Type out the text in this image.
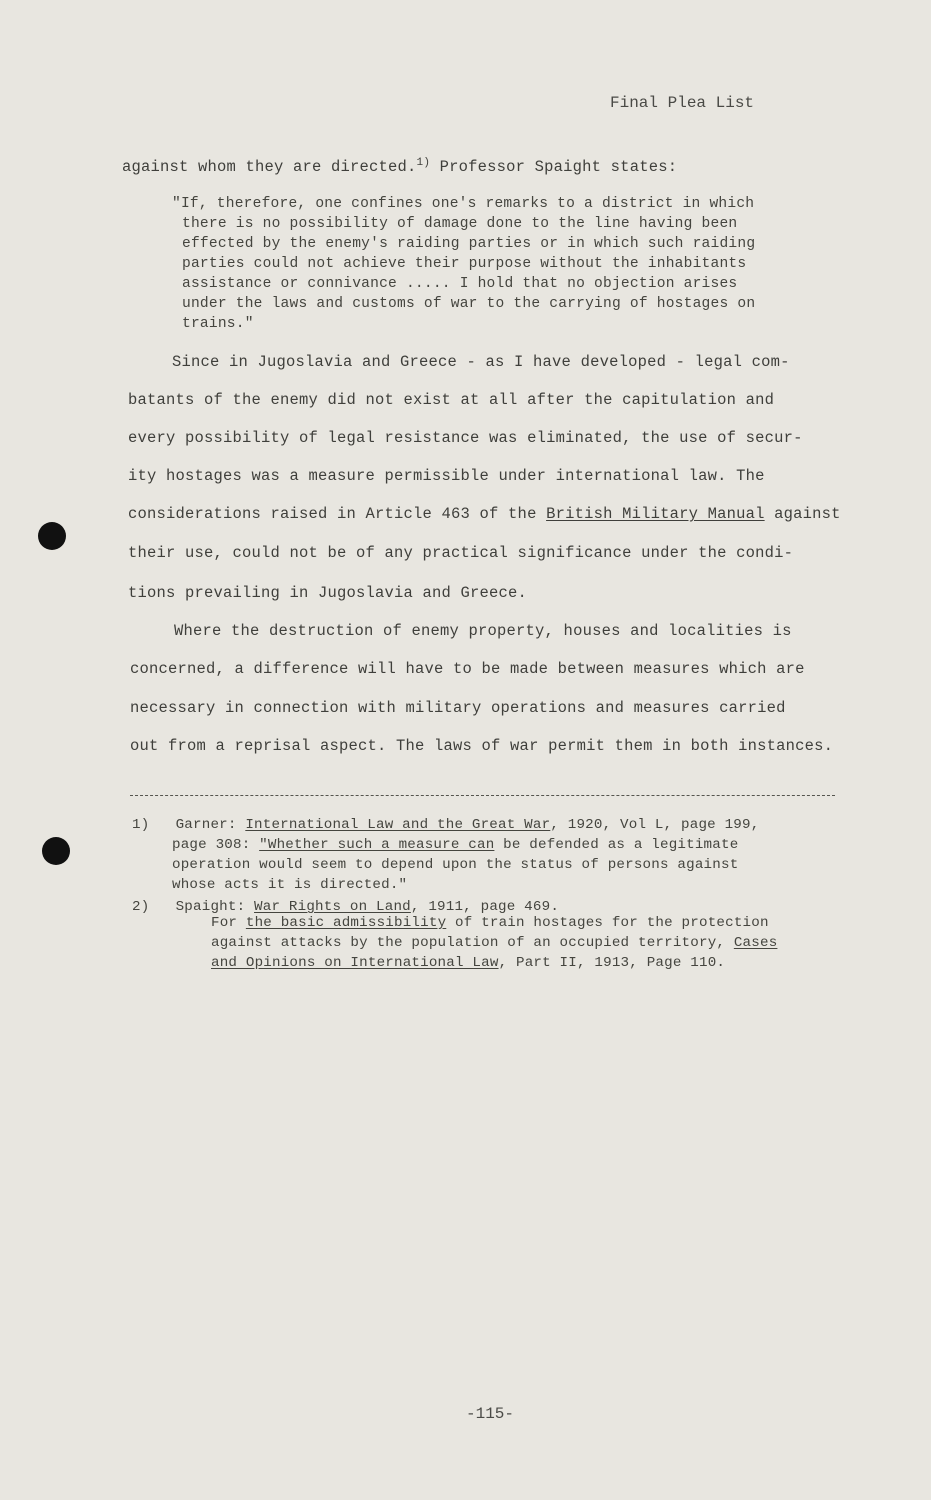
Final Plea List
against whom they are directed.$^{1)}$ Professor Spaight states:
"If, therefore, one confines one's remarks to a district in which
there is no possibility of damage done to the line having been
effected by the enemy's raiding parties or in which such raiding
parties could not achieve their purpose without the inhabitants
assistance or connivance ..... I hold that no objection arises
under the laws and customs of war to the carrying of hostages on
trains."
Since in Jugoslavia and Greece - as I have developed - legal com-
batants of the enemy did not exist at all after the capitulation and
every possibility of legal resistance was eliminated, the use of secur-
ity hostages was a measure permissible under international law. The
considerations raised in Article 463 of the British Military Manual against
their use, could not be of any practical significance under the condi-
tions prevailing in Jugoslavia and Greece.
Where the destruction of enemy property, houses and localities is
concerned, a difference will have to be made between measures which are
necessary in connection with military operations and measures carried
out from a reprisal aspect. The laws of war permit them in both instances.
1) Garner: International Law and the Great War, 1920, Vol L, page 199,
page 308: "Whether such a measure can be defended as a legitimate
operation would seem to depend upon the status of persons against
whose acts it is directed."
2) Spaight: War Rights on Land, 1911, page 469.
For the basic admissibility of train hostages for the protection
against attacks by the population of an occupied territory, Cases
and Opinions on International Law, Part II, 1913, Page 110.
-115-
